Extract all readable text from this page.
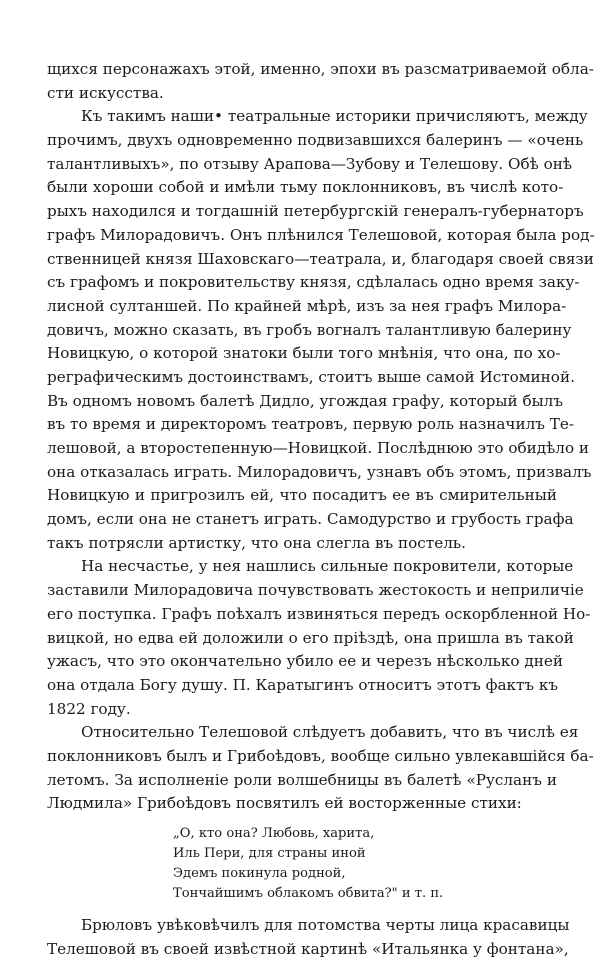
щихся персонажахъ этой, именно, эпохи въ разсматриваемой обла-
сти искусства.
Къ такимъ наши• театральные историки причисляютъ, между
прочимъ, двухъ одновременно подвизавшихся балеринъ — «очень
талантливыхъ», по отзыву Арапова—Зубову и Телешову. Обѣ онѣ
были хороши собой и имѣли тьму поклонниковъ, въ числѣ кото-
рыхъ находился и тогдашній петербургскій генералъ-губернаторъ
графъ Милорадовичъ. Онъ плѣнился Телешовой, которая была род-
ственницей князя Шаховскаго—театрала, и, благодаря своей связи
съ графомъ и покровительству князя, сдѣлалась одно время заку-
лисной султаншей. По крайней мѣрѣ, изъ за нея графъ Милора-
довичъ, можно сказать, въ гробъ вогналъ талантливую балерину
Новицкую, о которой знатоки были того мнѣнія, что она, по хо-
реграфическимъ достоинствамъ, стоитъ выше самой Истоминой.
Въ одномъ новомъ балетѣ Дидло, угождая графу, который былъ
въ то время и директоромъ театровъ, первую роль назначилъ Те-
лешовой, а второстепенную—Новицкой. Послѣднюю это обидѣло и
она отказалась играть. Милорадовичъ, узнавъ объ этомъ, призвалъ
Новицкую и пригрозилъ ей, что посадитъ ее въ смирительный
домъ, если она не станетъ играть. Самодурство и грубость графа
такъ потрясли артистку, что она слегла въ постель.
На несчастье, у нея нашлись сильные покровители, которые
заставили Милорадовича почувствовать жестокость и неприличіе
его поступка. Графъ поѣхалъ извиняться передъ оскорбленной Но-
вицкой, но едва ей доложили о его пріѣздѣ, она пришла въ такой
ужасъ, что это окончательно убило ее и черезъ нѣсколько дней
она отдала Богу душу. П. Каратыгинъ относитъ этотъ фактъ къ
1822 году.
Относительно Телешовой слѣдуетъ добавить, что въ числѣ ея
поклонниковъ былъ и Грибоѣдовъ, вообще сильно увлекавшійся ба-
летомъ. За исполненіе роли волшебницы въ балетѣ «Русланъ и
Людмила» Грибоѣдовъ посвятилъ ей восторженные стихи:
„О, кто она? Любовь, харита,
Иль Пери, для страны иной
Эдемъ покинула родной,
Тончайшимъ облакомъ обвита?" и т. п.
Брюловъ увѣковѣчилъ для потомства черты лица красавицы
Телешовой въ своей извѣстной картинѣ «Итальянка у фонтана»,
